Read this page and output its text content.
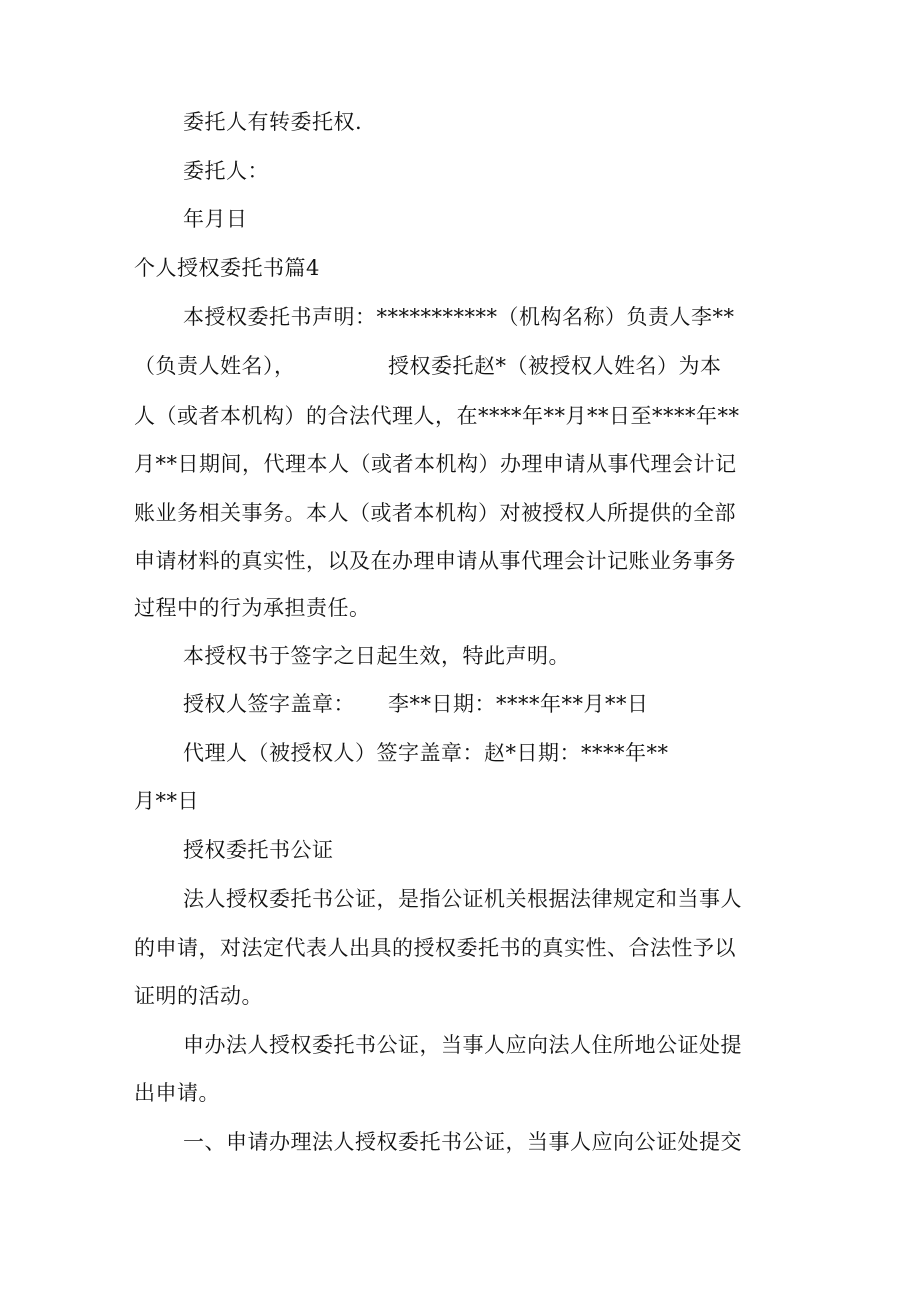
委托人有转委托权.
委托人：
年月日
个人授权委托书篇4
本授权委托书声明：***********（机构名称）负责人李**
（负责人姓名），	授权委托赵*（被授权人姓名）为本
人（或者本机构）的合法代理人，在****年**月**日至****年**
月**日期间，代理本人（或者本机构）办理申请从事代理会计记
账业务相关事务。本人（或者本机构）对被授权人所提供的全部
申请材料的真实性，以及在办理申请从事代理会计记账业务事务
过程中的行为承担责任。
本授权书于签字之日起生效，特此声明。
授权人签字盖章： 李**日期：****年**月**日
代理人（被授权人）签字盖章：赵*日期：****年**
月**日
授权委托书公证
法人授权委托书公证，是指公证机关根据法律规定和当事人
的申请，对法定代表人出具的授权委托书的真实性、合法性予以
证明的活动。
申办法人授权委托书公证，当事人应向法人住所地公证处提
出申请。
一、申请办理法人授权委托书公证，当事人应向公证处提交
